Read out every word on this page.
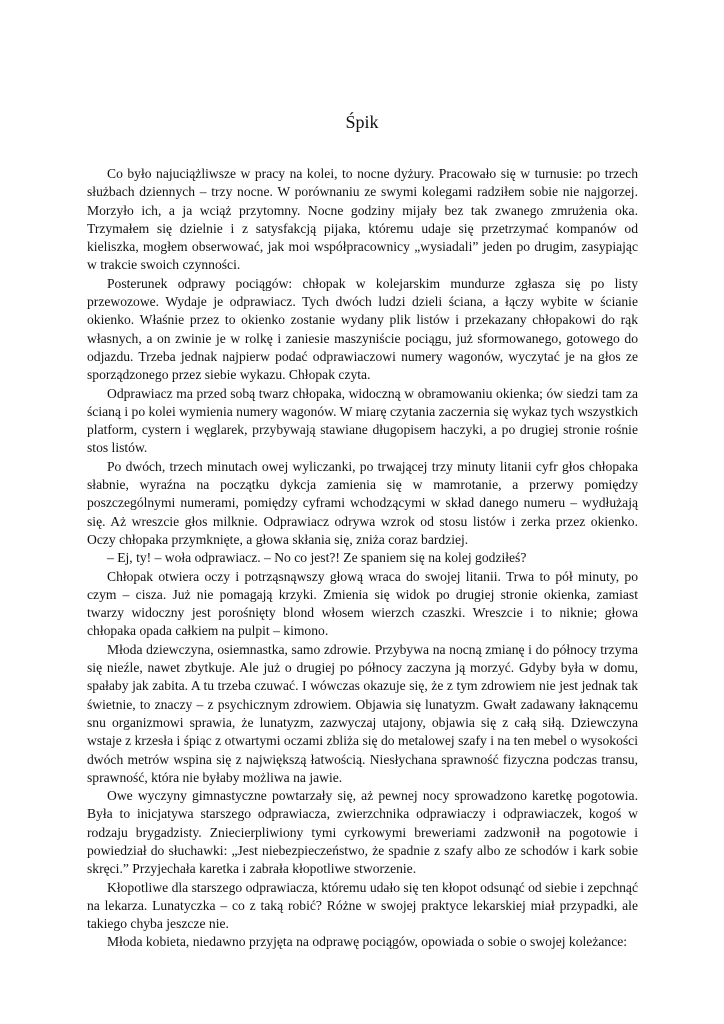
Śpik

Co było najuciążliwsze w pracy na kolei, to nocne dyżury. Pracowało się w turnusie: po trzech służbach dziennych – trzy nocne. W porównaniu ze swymi kolegami radziłem sobie nie najgorzej. Morzyło ich, a ja wciąż przytomny. Nocne godziny mijały bez tak zwanego zmrużenia oka. Trzymałem się dzielnie i z satysfakcją pijaka, któremu udaje się przetrzymać kompanów od kieliszka, mogłem obserwować, jak moi współpracownicy „wysiadali” jeden po drugim, zasypiając w trakcie swoich czynności.

Posterunek odprawy pociągów: chłopak w kolejarskim mundurze zgłasza się po listy przewozowe. Wydaje je odprawiacz. Tych dwóch ludzi dzieli ściana, a łączy wybite w ścianie okienko. Właśnie przez to okienko zostanie wydany plik listów i przekazany chłopakowi do rąk własnych, a on zwinie je w rolkę i zaniesie maszyniście pociągu, już sformowanego, gotowego do odjazdu. Trzeba jednak najpierw podać odprawiaczowi numery wagonów, wyczytać je na głos ze sporządzonego przez siebie wykazu. Chłopak czyta.

Odprawiacz ma przed sobą twarz chłopaka, widoczną w obramowaniu okienka; ów siedzi tam za ścianą i po kolei wymienia numery wagonów. W miarę czytania zaczernia się wykaz tych wszystkich platform, cystern i węglarek, przybywają stawiane długopisem haczyki, a po drugiej stronie rośnie stos listów.

Po dwóch, trzech minutach owej wyliczanki, po trwającej trzy minuty litanii cyfr głos chłopaka słabnie, wyraźna na początku dykcja zamienia się w mamrotanie, a przerwy pomiędzy poszczególnymi numerami, pomiędzy cyframi wchodzącymi w skład danego numeru – wydłużają się. Aż wreszcie głos milknie. Odprawiacz odrywa wzrok od stosu listów i zerka przez okienko. Oczy chłopaka przymknięte, a głowa skłania się, zniża coraz bardziej.

– Ej, ty! – woła odprawiacz. – No co jest?! Ze spaniem się na kolej godziłeś?

Chłopak otwiera oczy i potrząsnąwszy głową wraca do swojej litanii. Trwa to pół minuty, po czym – cisza. Już nie pomagają krzyki. Zmienia się widok po drugiej stronie okienka, zamiast twarzy widoczny jest porośnięty blond włosem wierzch czaszki. Wreszcie i to niknie; głowa chłopaka opada całkiem na pulpit – kimono.

Młoda dziewczyna, osiemnastka, samo zdrowie. Przybywa na nocną zmianę i do północy trzyma się nieźle, nawet zbytkuje. Ale już o drugiej po północy zaczyna ją morzyć. Gdyby była w domu, spałaby jak zabita. A tu trzeba czuwać. I wówczas okazuje się, że z tym zdrowiem nie jest jednak tak świetnie, to znaczy – z psychicznym zdrowiem. Objawia się lunatyzm. Gwałt zadawany łaknącemu snu organizmowi sprawia, że lunatyzm, zazwyczaj utajony, objawia się z całą siłą. Dziewczyna wstaje z krzesła i śpiąc z otwartymi oczami zbliża się do metalowej szafy i na ten mebel o wysokości dwóch metrów wspina się z największą łatwością. Niesłychana sprawność fizyczna podczas transu, sprawność, która nie byłaby możliwa na jawie.

Owe wyczyny gimnastyczne powtarzały się, aż pewnej nocy sprowadzono karetkę pogotowia. Była to inicjatywa starszego odprawiacza, zwierzchnika odprawiaczy i odprawiaczek, kogoś w rodzaju brygadzisty. Zniecierpliwiony tymi cyrkowymi breweriami zadzwonił na pogotowie i powiedział do słuchawki: „Jest niebezpieczeństwo, że spadnie z szafy albo ze schodów i kark sobie skręci.” Przyjechała karetka i zabrała kłopotliwe stworzenie.

Kłopotliwe dla starszego odprawiacza, któremu udało się ten kłopot odsunąć od siebie i zepchnąć na lekarza. Lunatyczka – co z taką robić? Różne w swojej praktyce lekarskiej miał przypadki, ale takiego chyba jeszcze nie.

Młoda kobieta, niedawno przyjęta na odprawę pociągów, opowiada o sobie o swojej koleżance:
